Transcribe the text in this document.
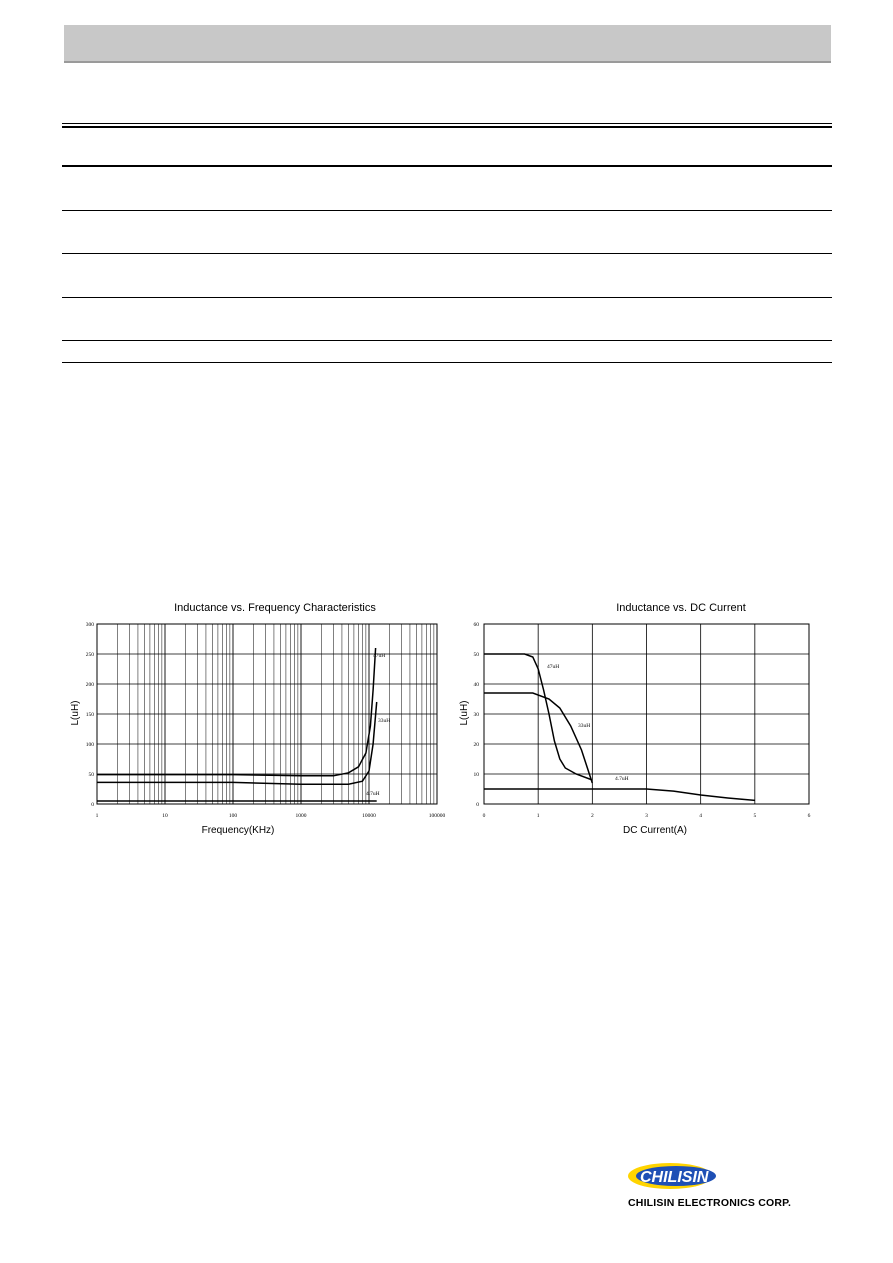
Inductance vs. Frequency Characteristics
Frequency(KHz)
L(uH)
1	10	100	1000	10000	100000
0
50
100
150
200
250
300
47uH
33uH
4.7uH
Inductance vs. DC Current
DC Current(A)
L(uH)
0	1	2	3	4	5	6
0
10
20
30
40
50
60
47uH
33uH
4.7uH
CHILISIN
CHILISIN ELECTRONICS CORP.
